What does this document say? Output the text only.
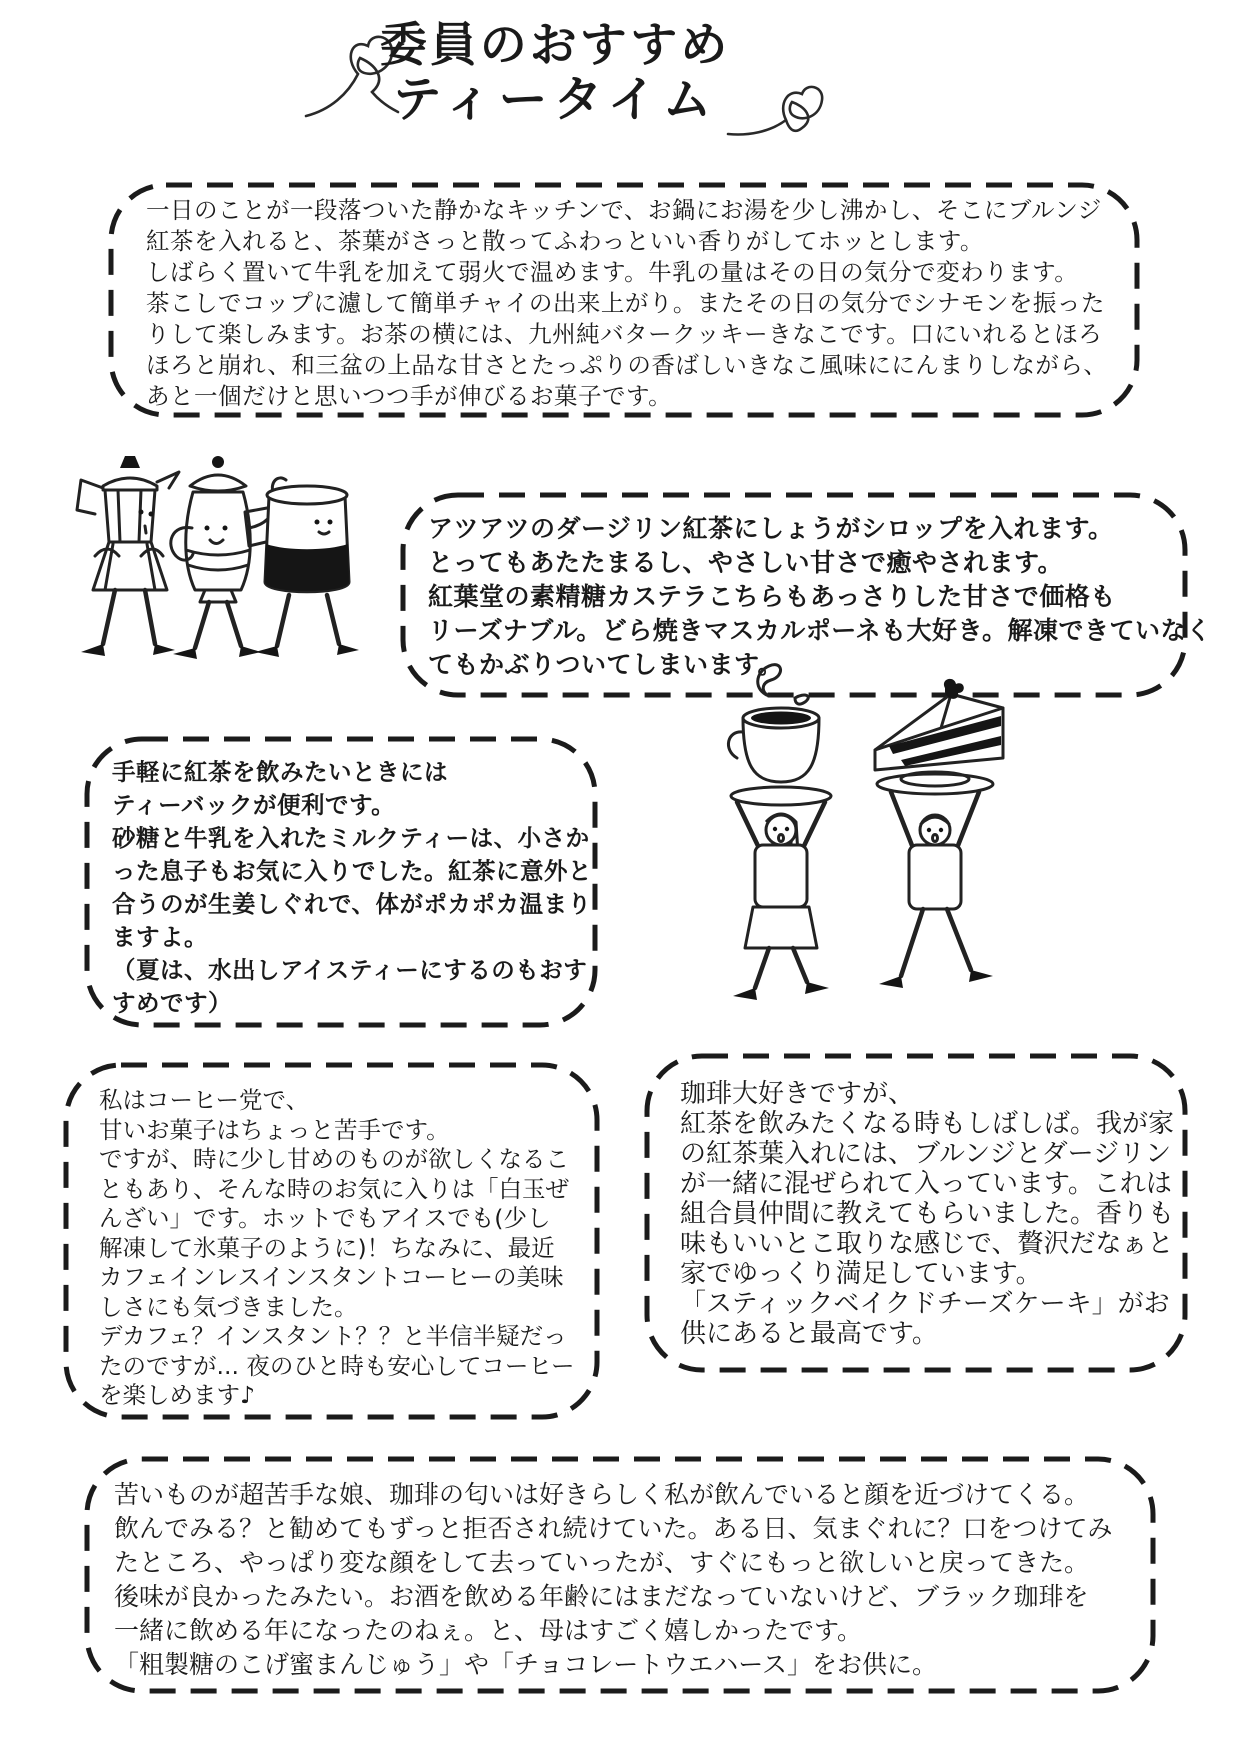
委員のおすすめ
ティータイム
一日のことが一段落ついた静かなキッチンで、お鍋にお湯を少し沸かし、そこにブルンジ
紅茶を入れると、茶葉がさっと散ってふわっといい香りがしてホッとします。
しばらく置いて牛乳を加えて弱火で温めます。牛乳の量はその日の気分で変わります。
茶こしでコップに濾して簡単チャイの出来上がり。またその日の気分でシナモンを振った
りして楽しみます。お茶の横には、九州純バタークッキーきなこです。口にいれるとほろ
ほろと崩れ、和三盆の上品な甘さとたっぷりの香ばしいきなこ風味ににんまりしながら、
あと一個だけと思いつつ手が伸びるお菓子です。
アツアツのダージリン紅茶にしょうがシロップを入れます。
とってもあたたまるし、やさしい甘さで癒やされます。
紅葉堂の素精糖カステラこちらもあっさりした甘さで価格も
リーズナブル。どら焼きマスカルポーネも大好き。解凍できていなく
てもかぶりついてしまいます。
手軽に紅茶を飲みたいときには
ティーバックが便利です。
砂糖と牛乳を入れたミルクティーは、小さか
った息子もお気に入りでした。紅茶に意外と
合うのが生姜しぐれで、体がポカポカ温まり
ますよ。
（夏は、水出しアイスティーにするのもおす
すめです）
私はコーヒー党で、
甘いお菓子はちょっと苦手です。
ですが、時に少し甘めのものが欲しくなるこ
ともあり、そんな時のお気に入りは「白玉ぜ
んざい」です。ホットでもアイスでも(少し
解凍して氷菓子のように)！ちなみに、最近
カフェインレスインスタントコーヒーの美味
しさにも気づきました。
デカフェ？インスタント？？と半信半疑だっ
たのですが... 夜のひと時も安心してコーヒー
を楽しめます♪
珈琲大好きですが、
紅茶を飲みたくなる時もしばしば。我が家
の紅茶葉入れには、ブルンジとダージリン
が一緒に混ぜられて入っています。これは
組合員仲間に教えてもらいました。香りも
味もいいとこ取りな感じで、贅沢だなぁと
家でゆっくり満足しています。
「スティックベイクドチーズケーキ」がお
供にあると最高です。
苦いものが超苦手な娘、珈琲の匂いは好きらしく私が飲んでいると顔を近づけてくる。
飲んでみる？と勧めてもずっと拒否され続けていた。ある日、気まぐれに？口をつけてみ
たところ、やっぱり変な顔をして去っていったが、すぐにもっと欲しいと戻ってきた。
後味が良かったみたい。お酒を飲める年齢にはまだなっていないけど、ブラック珈琲を
一緒に飲める年になったのねぇ。と、母はすごく嬉しかったです。
「粗製糖のこげ蜜まんじゅう」や「チョコレートウエハース」をお供に。
